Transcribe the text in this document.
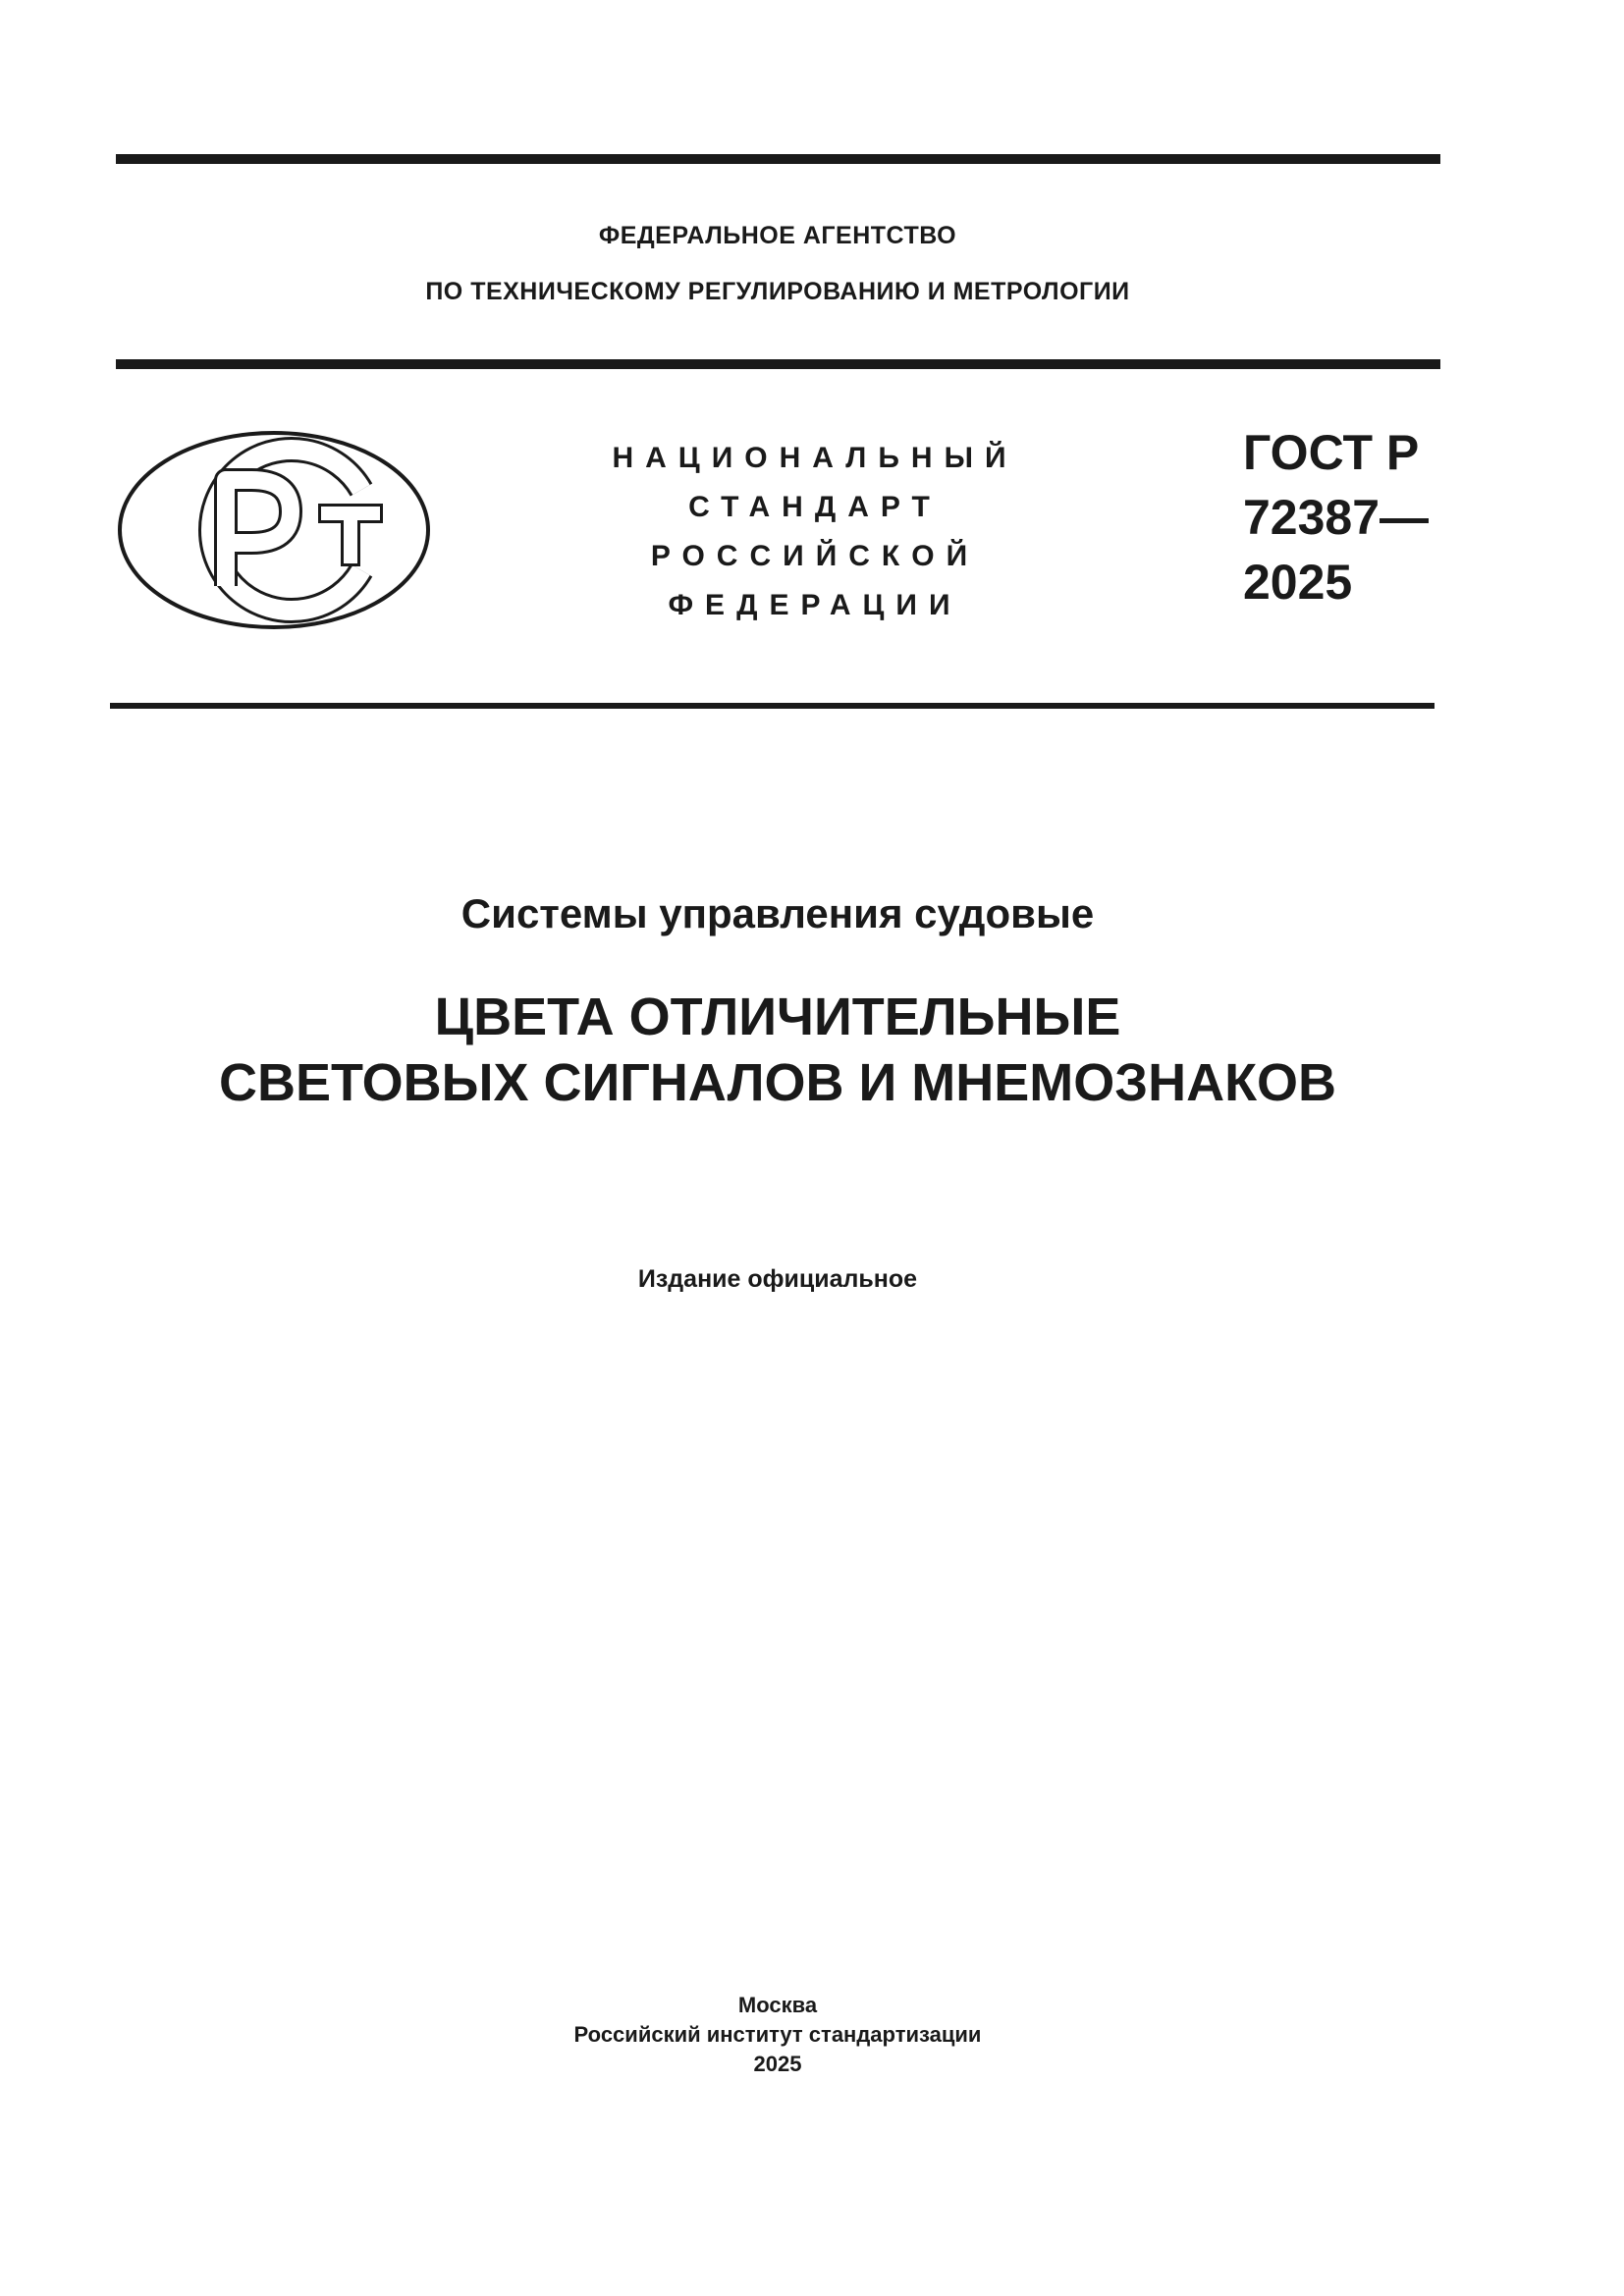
ФЕДЕРАЛЬНОЕ АГЕНТСТВО
ПО ТЕХНИЧЕСКОМУ РЕГУЛИРОВАНИЮ И МЕТРОЛОГИИ
НАЦИОНАЛЬНЫЙ
СТАНДАРТ
РОССИЙСКОЙ
ФЕДЕРАЦИИ
ГОСТ Р
72387—
2025
Системы управления судовые
ЦВЕТА ОТЛИЧИТЕЛЬНЫЕ
СВЕТОВЫХ СИГНАЛОВ И МНЕМОЗНАКОВ
Издание официальное
Москва
Российский институт стандартизации
2025
